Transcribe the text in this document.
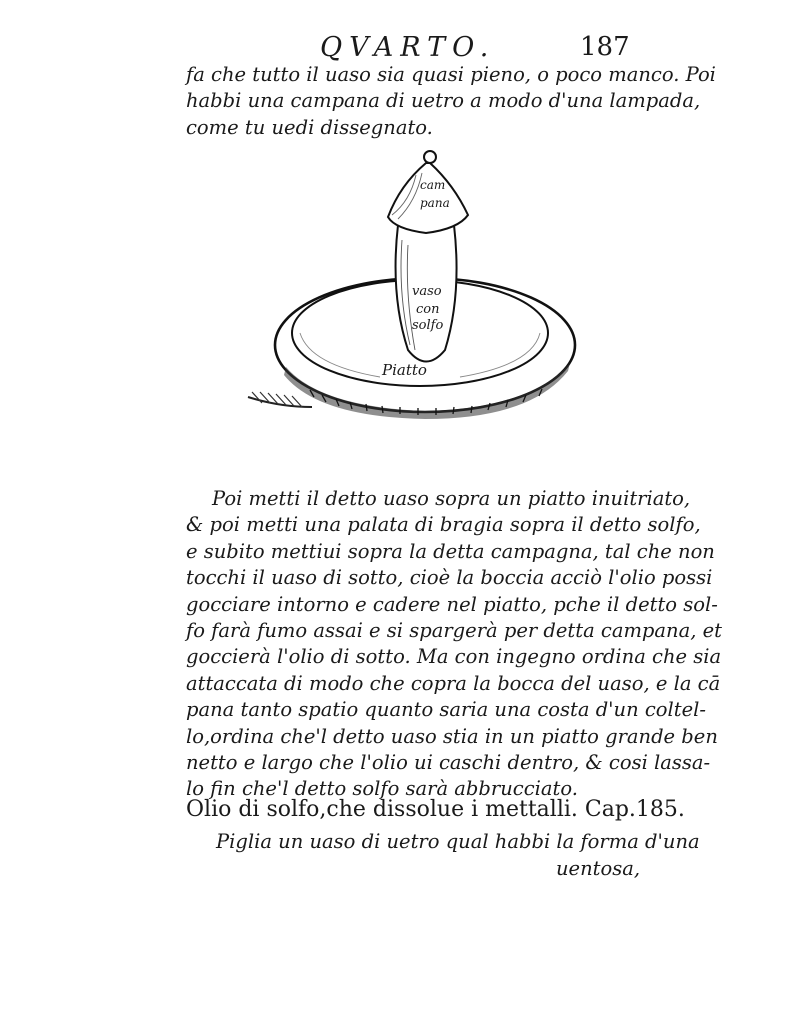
QVARTO.	187
fa che tutto il uaso sia quasi pieno, o poco manco. Poi
habbi una campana di uetro a modo d'una lampada,
come tu uedi dissegnato.
cam
pana
vaso
con
solfo
Piatto
Poi metti il detto uaso sopra un piatto inuitriato,
& poi metti una palata di bragia sopra il detto solfo,
e subito mettiui sopra la detta campagna, tal che non
tocchi il uaso di sotto, cioè la boccia acciò l'olio possi
gocciare intorno e cadere nel piatto, pche il detto sol-
fo farà fumo assai e si spargerà per detta campana, et
goccierà l'olio di sotto. Ma con ingegno ordina che sia
attaccata di modo che copra la bocca del uaso, e la cā
pana tanto spatio quanto saria una costa d'un coltel-
lo,ordina che'l detto uaso stia in un piatto grande ben
netto e largo che l'olio ui caschi dentro, & cosi lassa-
lo fin che'l detto solfo sarà abbrucciato.
Olio di solfo,che dissolue i mettalli. Cap.185.
Piglia un uaso di uetro qual habbi la forma d'una
uentosa,
